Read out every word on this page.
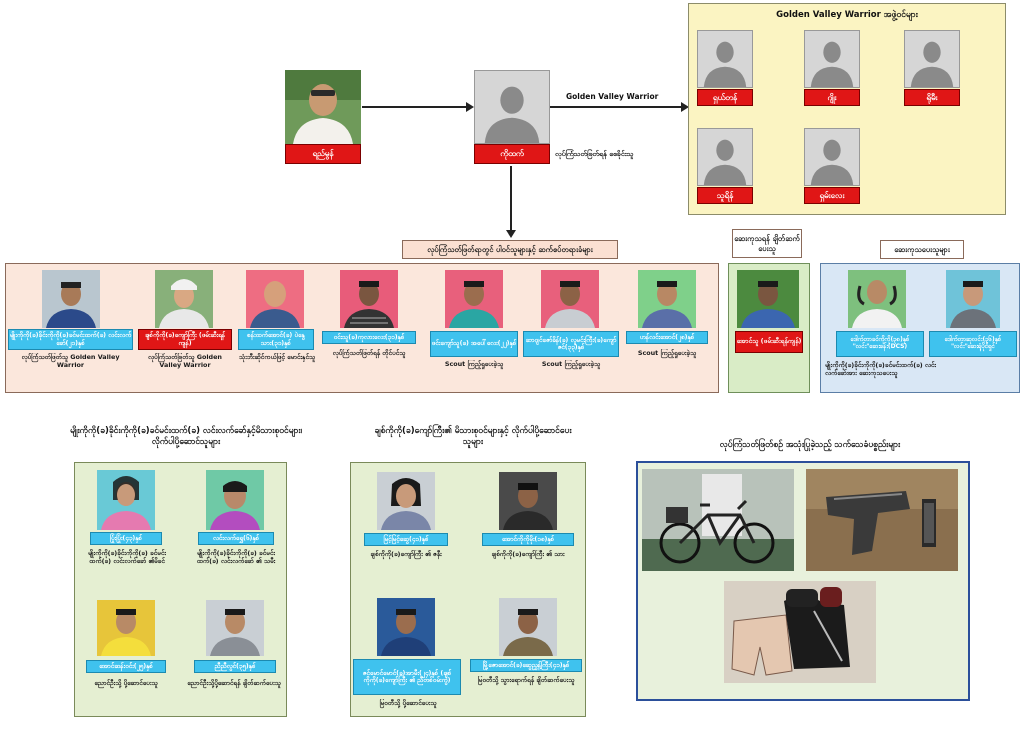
Golden Valley Warrior
ရည်မွန်	ကိုထက်	လုပ်ကြံသတ်ဖြတ်ရန် စေခိုင်းသူ
Golden Valley Warrior အဖွဲ့ဝင်များ
ရှယ်တန်	ဂျိုး	ရိုမီး
သူရိန်	ရှမ်းလေး
လုပ်ကြံသတ်ဖြတ်ရာတွင် ပါဝင်သူများနှင့် ဆက်စပ်တရားခံများ
မျိုးကိုကို(ခ)ခိုင်းကိုကို(ခ)ခင်မင်းထက်(ခ) လင်းလက်ခော်(၂၁)နှစ်
လုပ်ကြံသတ်ဖြတ်သူ Golden Valley Warrior
ချစ်ကိုကို(ခ)ကျော်ကြီး (ဖမ်းဆီးရန်ကျန်)
လုပ်ကြံသတ်ဖြတ်သူ Golden Valley Warrior
စန်းထက်အောင်(ခ) ပဲနွေသား(၃၁)နှစ်
သုံးဘီးဆိုင်ကယ်ဖြင့် မောင်းနှင်သူ
ဝင်းသူ(ခ)ကုလားလေး(၃၁)နှစ်
လုပ်ကြံသတ်ဖြတ်ရန် တိုင်ပင်သူ
ဖင်းကျော်သူ(ခ) အပေါ်လေး(၂၂)နှစ်
Scout ကြည့်ရှုပေးခဲ့သူ
ဆာဂျင်ဇော်ခိန်(ခ) လူမင်းကြီး(ခ)ကျော်ဇင်(၃၃)နှစ်
Scout ကြည့်ရှုပေးခဲ့သူ
ဟန်လင်းအောင်(၂၈)နှစ်
Scout ကြည့်ရှုပေးခဲ့သူ
ဆေးကုသရန် ချိတ်ဆက်ပေးသူ
အောင်သူ (ဖမ်းဆီးရန်ကျန်)
ဆေးကုသပေးသူများ
ဒေါက်တာခင်ကိုကို(၃၈)နှစ် "လင်း"ဆေးခန်း(DCS)
ဒေါက်တာဆုလင်း(၃၆)နှစ် "လင်း"ဆေးရုံပိုင်ရှင်
မျိုးကိုကို(ခ)ခိုင်းကိုကို(ခ)ခင်မင်းထက်(ခ) လင်းလက်ခော်အား ဆေးကုသပေးသူ
မျိုးကိုကို(ခ)ခိုင်းကိုကို(ခ)ခင်မင်းထက်(ခ) လင်းလက်ခော်နှင့်မိသားစုဝင်များ၊ လိုက်ပါပို့ဆောင်သူများ
ပြုံးပြုံး(၄၃)နှစ်
မျိုးကိုကို(ခ)ခိုင်းကိုကို(ခ) ခင်မင်းထက်(ခ) လင်းလက်ခော် ၏မိခင်
လင်းလက်ရွှေ(၆)နှစ်
မျိုးကိုကို(ခ)ခိုင်းကိုကို(ခ) ခင်မင်းထက်(ခ) လင်းလက်ခော် ၏ သမီး
အောင်ဆန်းဝင်း(၂၅)နှစ်
ညောင်ဦးသို့ ပို့ဆောင်ပေးသူ
ညီညီလွင်(၃၅)နှစ်
ညောင်ဦးသို့ပို့ဆောင်ရန် ချိတ်ဆက်ပေးသူ
ချစ်ကိုကို(ခ)ကျော်ကြီး၏ မိသားစုဝင်များနှင့် လိုက်ပါပို့ဆောင်ပေးသူများ
မြင့်မြင့်ဆွေ(၄၁)နှစ်
ချစ်ကိုကို(ခ)ကျော်ကြီး ၏ ဇနီး
အောင်ကိုကိုမိုး(၁၈)နှစ်
ချစ်ကိုကို(ခ)ကျော်ကြီး ၏ သား
ဇင်မောင်မောင်(ခ)အာမီး(၂၄)နှစ် (ချစ်ကိုကို(ခ)ကျော်ကြီး ၏ ညီတစ်ဝမ်းကွဲ)
မြဝတီသို့ ပို့ဆောင်ပေးသူ
မြို့ဇောအောင်(ခ)ဆွေညွှန့်ကြီး(၄၁)နှစ်
မြဝတီသို့ သွားရောက်ရန် ချိတ်ဆက်ပေးသူ
လုပ်ကြံသတ်ဖြတ်စဉ် အသုံးပြုခဲ့သည့် သက်သေခံပစ္စည်းများ
